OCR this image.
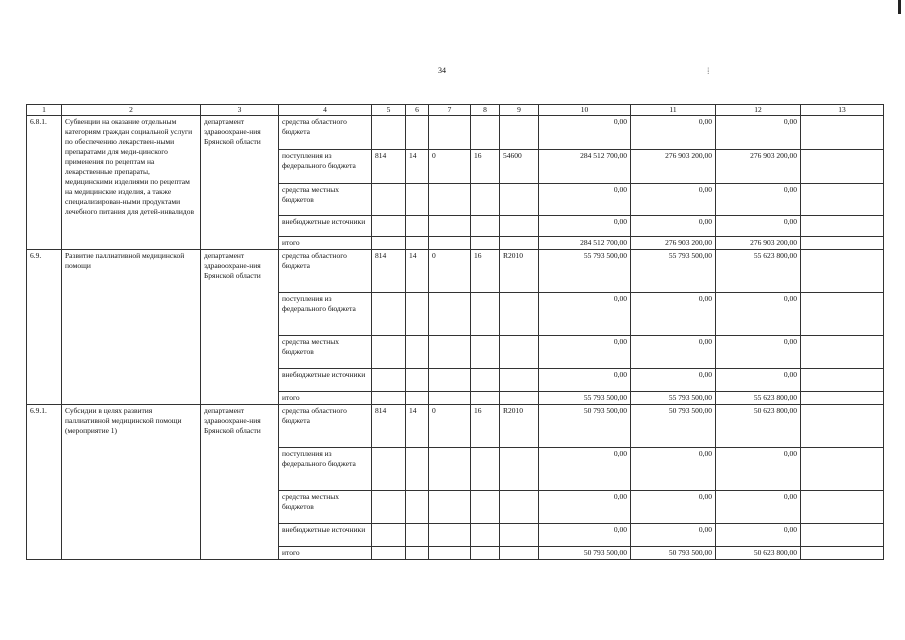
⁞
34
1	2	3	4	5	6	7	8	9	10	11	12	13
6.8.1.	Субвенции на оказание отдельным категориям граждан социальной услуги по обеспечению лекарствен-ными препаратами для меди-цинского применения по рецептам на лекарственные препараты, медицинскими изделиями по рецептам на медицинские изделия, а также специализирован-ными продуктами лечебного питания для детей-инвалидов	департамент здравоохране-ния Брянской области	средства областного бюджета						0,00	0,00	0,00	
			поступления из федерального бюджета	814	14	0	16	54600	284 512 700,00	276 903 200,00	276 903 200,00	
			средства местных бюджетов						0,00	0,00	0,00	
			внебюджетные источники						0,00	0,00	0,00	
			итого						284 512 700,00	276 903 200,00	276 903 200,00	
6.9.	Развитие паллиативной медицинской помощи	департамент здравоохране-ния Брянской области	средства областного бюджета	814	14	0	16	R2010	55 793 500,00	55 793 500,00	55 623 800,00	
			поступления из федерального бюджета						0,00	0,00	0,00	
			средства местных бюджетов						0,00	0,00	0,00	
			внебюджетные источники						0,00	0,00	0,00	
			итого						55 793 500,00	55 793 500,00	55 623 800,00	
6.9.1.	Субсидии в целях развития паллиативной медицинской помощи (мероприятие 1)	департамент здравоохране-ния Брянской области	средства областного бюджета	814	14	0	16	R2010	50 793 500,00	50 793 500,00	50 623 800,00	
			поступления из федерального бюджета						0,00	0,00	0,00	
			средства местных бюджетов						0,00	0,00	0,00	
			внебюджетные источники						0,00	0,00	0,00	
			итого						50 793 500,00	50 793 500,00	50 623 800,00	
